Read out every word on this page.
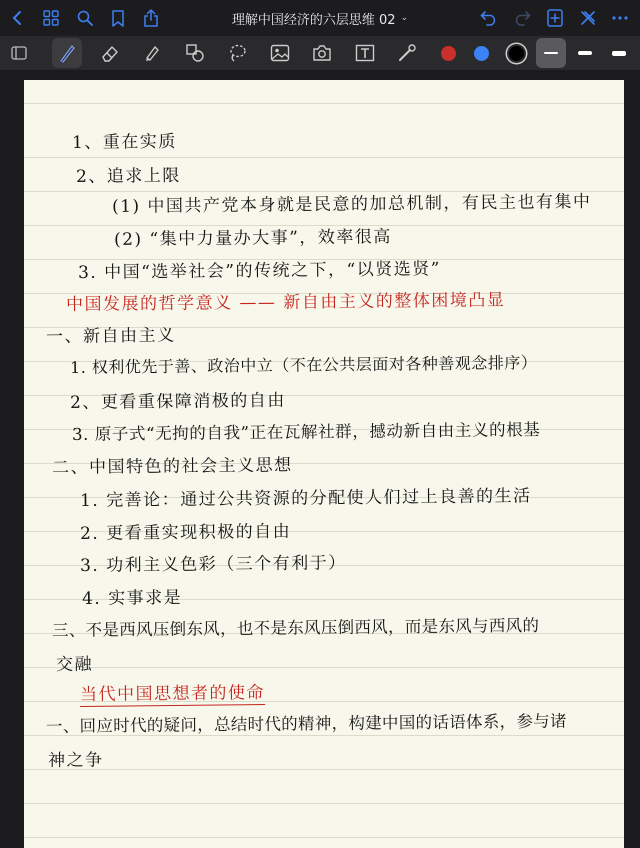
理解中国经济的六层思维 02 ⌄
1、重在实质
2、追求上限
(1) 中国共产党本身就是民意的加总机制，有民主也有集中
(2) “集中力量办大事”，效率很高
3. 中国“选举社会”的传统之下，“以贤选贤”
中国发展的哲学意义 —— 新自由主义的整体困境凸显
一、新自由主义
1. 权利优先于善、政治中立（不在公共层面对各种善观念排序）
2、更看重保障消极的自由
3. 原子式“无拘的自我”正在瓦解社群，撼动新自由主义的根基
二、中国特色的社会主义思想
1. 完善论：通过公共资源的分配使人们过上良善的生活
2. 更看重实现积极的自由
3. 功利主义色彩（三个有利于）
4. 实事求是
三、不是西风压倒东风，也不是东风压倒西风，而是东风与西风的
交融
当代中国思想者的使命
一、回应时代的疑问，总结时代的精神，构建中国的话语体系，参与诸
神之争
